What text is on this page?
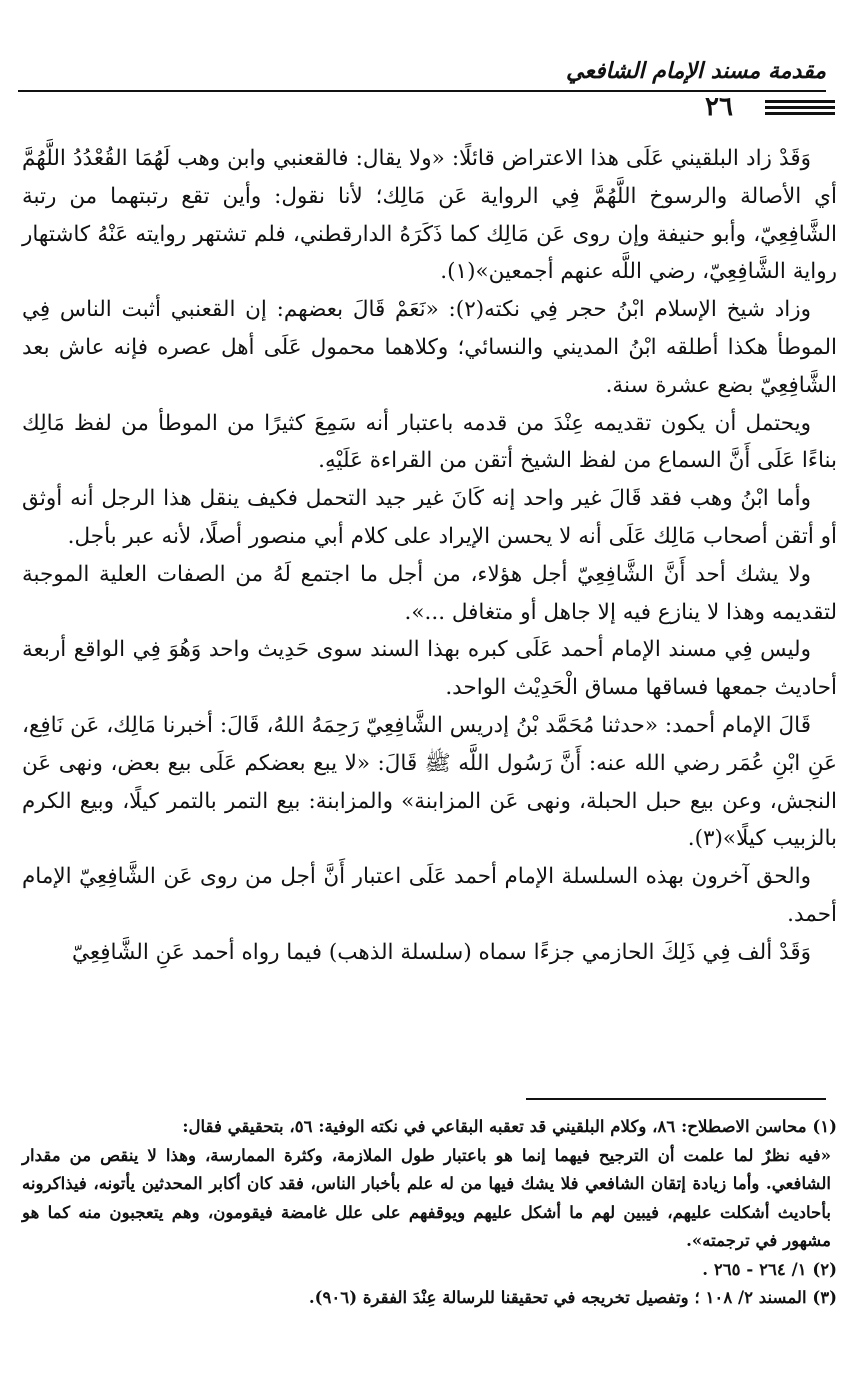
مقدمة مسند الإمام الشافعي
٢٦

وَقَدْ زاد البلقيني عَلَى هذا الاعتراض قائلًا: «ولا يقال: فالقعنبي وابن وهب لَهُمَا القُعْدُدُ اللَّهُمَّ أي الأصالة والرسوخ اللَّهُمَّ فِي الرواية عَن مَالِك؛ لأنا نقول: وأين تقع رتبتهما من رتبة الشَّافِعِيّ، وأبو حنيفة وإن روى عَن مَالِك كما ذَكَرَهُ الدارقطني، فلم تشتهر روايته عَنْهُ كاشتهار رواية الشَّافِعِيّ، رضي اللَّه عنهم أجمعين»(١).

وزاد شيخ الإسلام ابْنُ حجر فِي نكته(٢): «نَعَمْ قَالَ بعضهم: إن القعنبي أثبت الناس فِي الموطأ هكذا أطلقه ابْنُ المديني والنسائي؛ وكلاهما محمول عَلَى أهل عصره فإنه عاش بعد الشَّافِعِيّ بضع عشرة سنة.

ويحتمل أن يكون تقديمه عِنْدَ من قدمه باعتبار أنه سَمِعَ كثيرًا من الموطأ من لفظ مَالِك بناءًا عَلَى أَنَّ السماع من لفظ الشيخ أتقن من القراءة عَلَيْهِ.

وأما ابْنُ وهب فقد قَالَ غير واحد إنه كَانَ غير جيد التحمل فكيف ينقل هذا الرجل أنه أوثق أو أتقن أصحاب مَالِك عَلَى أنه لا يحسن الإيراد على كلام أبي منصور أصلًا، لأنه عبر بأجل.

ولا يشك أحد أَنَّ الشَّافِعِيّ أجل هؤلاء، من أجل ما اجتمع لَهُ من الصفات العلية الموجبة لتقديمه وهذا لا ينازع فيه إلا جاهل أو متغافل ...».

وليس فِي مسند الإمام أحمد عَلَى كبره بهذا السند سوى حَدِيث واحد وَهُوَ فِي الواقع أربعة أحاديث جمعها فساقها مساق الْحَدِيْث الواحد.

قَالَ الإمام أحمد: «حدثنا مُحَمَّد بْنُ إدريس الشَّافِعِيّ رَحِمَهُ اللهُ، قَالَ: أخبرنا مَالِك، عَن نَافِع، عَنِ ابْنِ عُمَر رضي الله عنه: أَنَّ رَسُول اللَّه ﷺ قَالَ: «لا يبع بعضكم عَلَى بيع بعض، ونهى عَن النجش، وعن بيع حبل الحبلة، ونهى عَن المزابنة» والمزابنة: بيع التمر بالتمر كيلًا، وبيع الكرم بالزبيب كيلًا»(٣).

والحق آخرون بهذه السلسلة الإمام أحمد عَلَى اعتبار أَنَّ أجل من روى عَن الشَّافِعِيّ الإمام أحمد.

وَقَدْ ألف فِي ذَلِكَ الحازمي جزءًا سماه (سلسلة الذهب) فيما رواه أحمد عَنِ الشَّافِعِيّ

(١) محاسن الاصطلاح: ٨٦، وكلام البلقيني قد تعقبه البقاعي في نكته الوفية: ٥٦، بتحقيقي فقال:

«فيه نظرٌ لما علمت أن الترجيح فيهما إنما هو باعتبار طول الملازمة، وكثرة الممارسة، وهذا لا ينقص من مقدار الشافعي. وأما زيادة إتقان الشافعي فلا يشك فيها من له علم بأخبار الناس، فقد كان أكابر المحدثين يأتونه، فيذاكرونه بأحاديث أشكلت عليهم، فيبين لهم ما أشكل عليهم ويوقفهم على علل غامضة فيقومون، وهم يتعجبون منه كما هو مشهور في ترجمته».

(٢) ١/ ٢٦٤ - ٢٦٥ .

(٣) المسند ٢/ ١٠٨ ؛ وتفصيل تخريجه في تحقيقنا للرسالة عِنْدَ الفقرة (٩٠٦).
